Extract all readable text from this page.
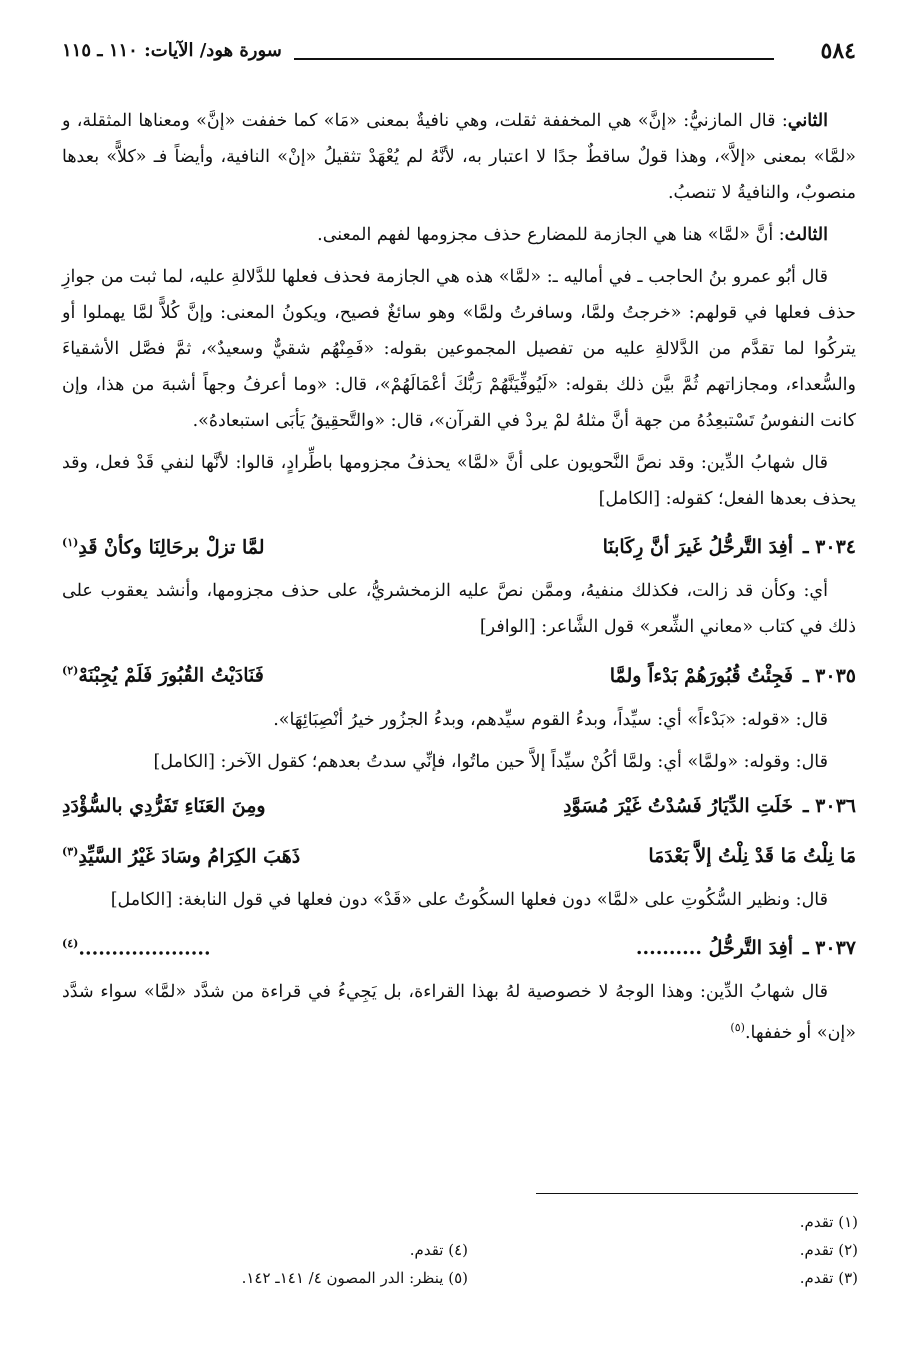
٥٨٤
سورة هود/ الآيات: ١١٠ ـ ١١٥

الثاني: قال المازنيُّ: «إنَّ» هي المخففة ثقلت، وهي نافيةٌ بمعنى «مَا» كما خففت «إنَّ» ومعناها المثقلة، و «لمَّا» بمعنى «إلاَّ»، وهذا قولٌ ساقطٌ جدًا لا اعتبار به، لأنَّهُ لم يُعْهَدْ تثقيلُ «إنْ» النافية، وأيضاً فـ «كلاًّ» بعدها منصوبٌ، والنافيةُ لا تنصبُ.

الثالث: أنَّ «لمَّا» هنا هي الجازمة للمضارع حذف مجزومها لفهم المعنى.

قال أبُو عمرو بنُ الحاجب ـ في أماليه ـ: «لمَّا» هذه هي الجازمة فحذف فعلها للدَّلالةِ عليه، لما ثبت من جوازِ حذف فعلها في قولهم: «خرجتُ ولمَّا، وسافرتُ ولمَّا» وهو سائغٌ فصيح، ويكونُ المعنى: وإنَّ كُلاًّ لمَّا يهملوا أو يتركُوا لما تقدَّم من الدَّلالةِ عليه من تفصيل المجموعين بقوله: «فَمِنْهُم شقيٌّ وسعيدٌ»، ثمَّ فصَّل الأشقياءَ والسُّعداء، ومجازاتهم ثُمَّ بيَّن ذلك بقوله: «لَيُوفِّيَنَّهُمْ رَبُّكَ أعْمَالَهُمْ»، قال: «وما أعرفُ وجهاً أشبهَ من هذا، وإن كانت النفوسُ تَسْتبعِدُهُ من جهة أنَّ مثلهُ لمْ يردْ في القرآن»، قال: «والتَّحقِيقُ يَأبَى استبعادهُ».

قال شهابُ الدِّين: وقد نصَّ النَّحويون على أنَّ «لمَّا» يحذفُ مجزومها باطِّرادٍ، قالوا: لأنَّها لنفي قَدْ فعل، وقد يحذف بعدها الفعل؛ كقوله: [الكامل]

٣٠٣٤ ـ
أفِدَ التَّرحُّلُ غَيرَ أنَّ رِكَابنَا
لمَّا تزلْ برحَالِنَا وكأنْ قَدِ$^{(١)}$

أي: وكأن قد زالت، فكذلك منفيهُ، وممَّن نصَّ عليه الزمخشريُّ، على حذف مجزومها، وأنشد يعقوب على ذلك في كتاب «معاني الشِّعر» قول الشَّاعر: [الوافر]

٣٠٣٥ ـ
فَجِئْتُ قُبُورَهُمْ بَدْءاً ولمَّا
فَنَادَيْتُ القُبُورَ فَلَمْ يُجِبْنَهْ$^{(٢)}$

قال: «قوله: «بَدْءاً» أي: سيِّداً، وبدءُ القوم سيِّدهم، وبدءُ الجزُور خيرُ أنْصِبَائِهَا».

قال: وقوله: «ولمَّا» أي: ولمَّا أكُنْ سيِّداً إلاَّ حين ماتُوا، فإنِّي سدتُ بعدهم؛ كقول الآخر: [الكامل]

٣٠٣٦ ـ
خَلَتِ الدِّيَارُ فَسُدْتُ غَيْرَ مُسَوَّدِ
ومِنَ العَنَاءِ تَفَرُّدِي بالسُّؤْدَدِ
مَا نِلْتُ مَا قَدْ نِلْتُ إلاَّ بَعْدَمَا
ذَهَبَ الكِرَامُ وسَادَ غَيْرُ السَّيِّدِ$^{(٣)}$

قال: ونظير السُّكُوتِ على «لمَّا» دون فعلها السكُوتُ على «قَدْ» دون فعلها في قول النابغة: [الكامل]

٣٠٣٧ ـ
أفِدَ التَّرحُّلُ ..........
....................$^{(٤)}$

قال شهابُ الدِّين: وهذا الوجهُ لا خصوصية لهُ بهذا القراءة، بل يَجِيءُ في قراءة من شدَّد «لمَّا» سواء شدَّد «إن» أو خففها.$^{(٥)}$

(١) تقدم.
(٢) تقدم.
(٤) تقدم.
(٣) تقدم.
(٥) ينظر: الدر المصون ٤/ ١٤١ـ ١٤٢.
